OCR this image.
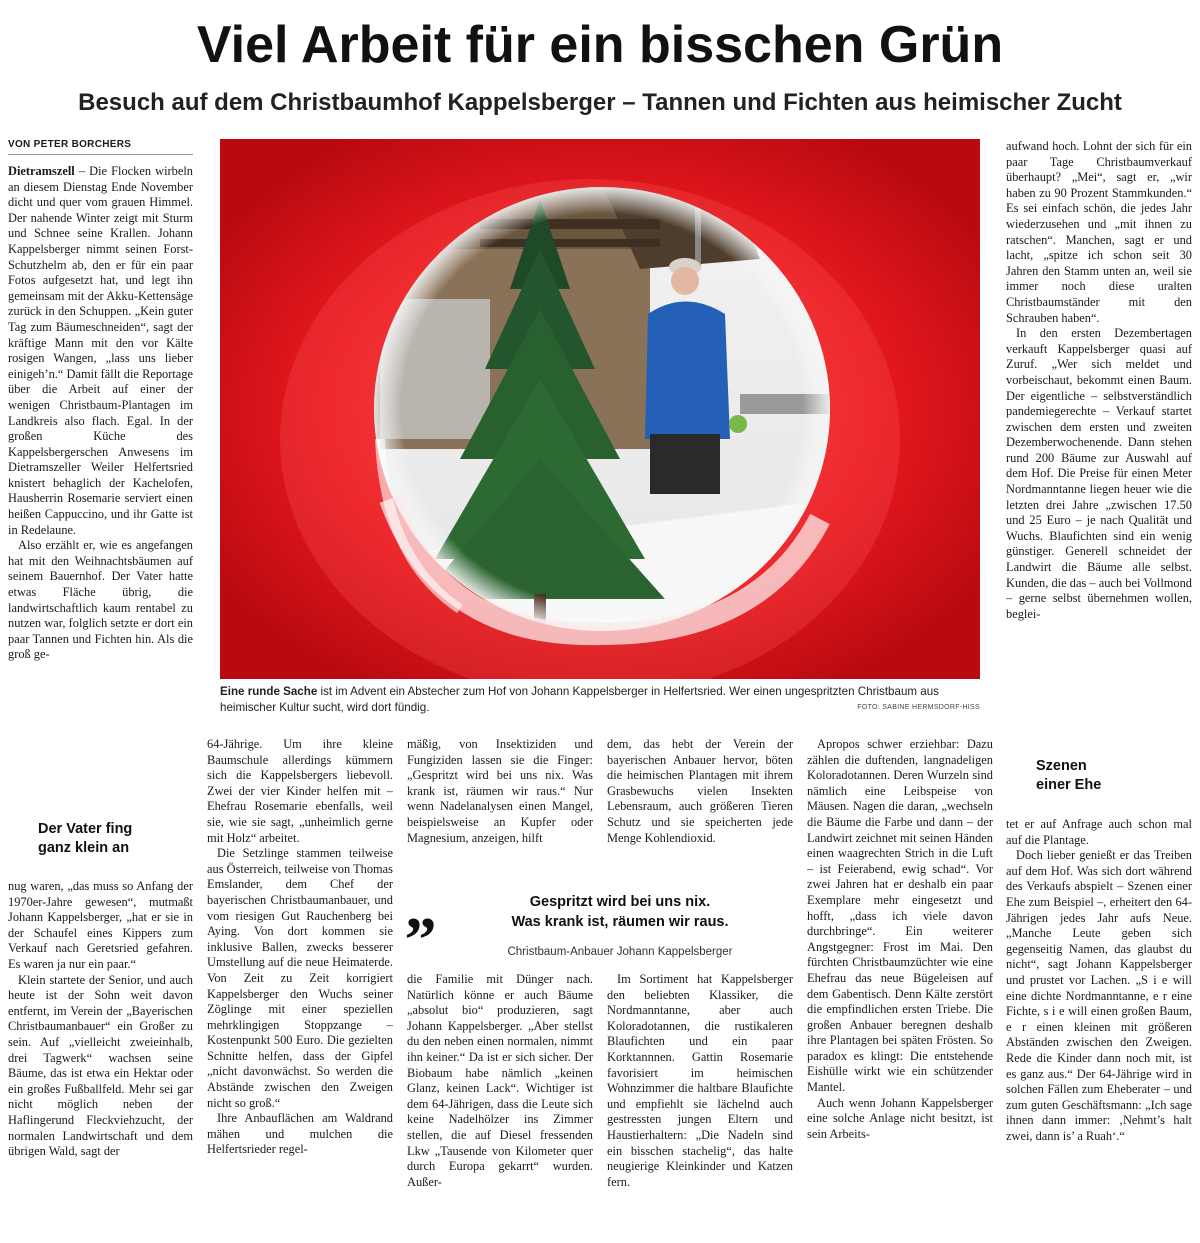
Viel Arbeit für ein bisschen Grün
Besuch auf dem Christbaumhof Kappelsberger – Tannen und Fichten aus heimischer Zucht
VON PETER BORCHERS

Dietramszell – Die Flocken wirbeln an diesem Dienstag Ende November dicht und quer vom grauen Himmel. Der nahende Winter zeigt mit Sturm und Schnee seine Krallen. Johann Kappelsberger nimmt seinen Forst-Schutzhelm ab, den er für ein paar Fotos aufgesetzt hat, und legt ihn gemeinsam mit der Akku-Kettensäge zurück in den Schuppen. „Kein guter Tag zum Bäumeschneiden“, sagt der kräftige Mann mit den vor Kälte rosigen Wangen, „lass uns lieber einigeh’n.“ Damit fällt die Reportage über die Arbeit auf einer der wenigen Christbaum-Plantagen im Landkreis also flach. Egal. In der großen Küche des Kappelsbergerschen Anwesens im Dietramszeller Weiler Helfertsried knistert behaglich der Kachelofen, Hausherrin Rosemarie serviert einen heißen Cappuccino, und ihr Gatte ist in Redelaune.

Also erzählt er, wie es angefangen hat mit den Weihnachtsbäumen auf seinem Bauernhof. Der Vater hatte etwas Fläche übrig, die landwirtschaftlich kaum rentabel zu nutzen war, folglich setzte er dort ein paar Tannen und Fichten hin. Als die groß ge-

Der Vater fing
ganz klein an

nug waren, „das muss so Anfang der 1970er-Jahre gewesen“, mutmaßt Johann Kappelsberger, „hat er sie in der Schaufel eines Kippers zum Verkauf nach Geretsried gefahren. Es waren ja nur ein paar.“

Klein startete der Senior, und auch heute ist der Sohn weit davon entfernt, im Verein der „Bayerischen Christbaumanbauer“ ein Großer zu sein. Auf „vielleicht zweieinhalb, drei Tagwerk“ wachsen seine Bäume, das ist etwa ein Hektar oder ein großes Fußballfeld. Mehr sei gar nicht möglich neben der Haflingerund Fleckviehzucht, der normalen Landwirtschaft und dem übrigen Wald, sagt der

Eine runde Sache ist im Advent ein Abstecher zum Hof von Johann Kappelsberger in Helfertsried. Wer einen ungespritzten Christbaum aus heimischer Kultur sucht, wird dort fündig.	FOTO: SABINE HERMSDORF-HISS

64-Jährige. Um ihre kleine Baumschule allerdings kümmern sich die Kappelsbergers liebevoll. Zwei der vier Kinder helfen mit – Ehefrau Rosemarie ebenfalls, weil sie, wie sie sagt, „unheimlich gerne mit Holz“ arbeitet.

Die Setzlinge stammen teilweise aus Österreich, teilweise von Thomas Emslander, dem Chef der bayerischen Christbaumanbauer, und vom riesigen Gut Rauchenberg bei Aying. Von dort kommen sie inklusive Ballen, zwecks besserer Umstellung auf die neue Heimaterde. Von Zeit zu Zeit korrigiert Kappelsberger den Wuchs seiner Zöglinge mit einer speziellen mehrklingigen Stoppzange – Kostenpunkt 500 Euro. Die gezielten Schnitte helfen, dass der Gipfel „nicht davonwächst. So werden die Abstände zwischen den Zweigen nicht so groß.“

Ihre Anbauflächen am Waldrand mähen und mulchen die Helfertsrieder regel-

mäßig, von Insektiziden und Fungiziden lassen sie die Finger: „Gespritzt wird bei uns nix. Was krank ist, räumen wir raus.“ Nur wenn Nadelanalysen einen Mangel, beispielsweise an Kupfer oder Magnesium, anzeigen, hilft

dem, das hebt der Verein der bayerischen Anbauer hervor, böten die heimischen Plantagen mit ihrem Grasbewuchs vielen Insekten Lebensraum, auch größeren Tieren Schutz und sie speicherten jede Menge Kohlendioxid.

„	Gespritzt wird bei uns nix.
Was krank ist, räumen wir raus.
Christbaum-Anbauer Johann Kappelsberger

die Familie mit Dünger nach. Natürlich könne er auch Bäume „absolut bio“ produzieren, sagt Johann Kappelsberger. „Aber stellst du den neben einen normalen, nimmt ihn keiner.“ Da ist er sich sicher. Der Biobaum habe nämlich „keinen Glanz, keinen Lack“. Wichtiger ist dem 64-Jährigen, dass die Leute sich keine Nadelhölzer ins Zimmer stellen, die auf Diesel fressenden Lkw „Tausende von Kilometer quer durch Europa gekarrt“ wurden. Außer-

Im Sortiment hat Kappelsberger den beliebten Klassiker, die Nordmanntanne, aber auch Koloradotannen, die rustikaleren Blaufichten und ein paar Korktannnen. Gattin Rosemarie favorisiert im heimischen Wohnzimmer die haltbare Blaufichte und empfiehlt sie lächelnd auch gestressten jungen Eltern und Haustierhaltern: „Die Nadeln sind ein bisschen stachelig“, das halte neugierige Kleinkinder und Katzen fern.

Apropos schwer erziehbar: Dazu zählen die duftenden, langnadeligen Koloradotannen. Deren Wurzeln sind nämlich eine Leibspeise von Mäusen. Nagen die daran, „wechseln die Bäume die Farbe und dann – der Landwirt zeichnet mit seinen Händen einen waagrechten Strich in die Luft – ist Feierabend, ewig schad“. Vor zwei Jahren hat er deshalb ein paar Exemplare mehr eingesetzt und hofft, „dass ich viele davon durchbringe“. Ein weiterer Angstgegner: Frost im Mai. Den fürchten Christbaumzüchter wie eine Ehefrau das neue Bügeleisen auf dem Gabentisch. Denn Kälte zerstört die empfindlichen ersten Triebe. Die großen Anbauer beregnen deshalb ihre Plantagen bei späten Frösten. So paradox es klingt: Die entstehende Eishülle wirkt wie ein schützender Mantel.

Auch wenn Johann Kappelsberger eine solche Anlage nicht besitzt, ist sein Arbeits-

aufwand hoch. Lohnt der sich für ein paar Tage Christbaumverkauf überhaupt? „Mei“, sagt er, „wir haben zu 90 Prozent Stammkunden.“ Es sei einfach schön, die jedes Jahr wiederzusehen und „mit ihnen zu ratschen“. Manchen, sagt er und lacht, „spitze ich schon seit 30 Jahren den Stamm unten an, weil sie immer noch diese uralten Christbaumständer mit den Schrauben haben“.

In den ersten Dezembertagen verkauft Kappelsberger quasi auf Zuruf. „Wer sich meldet und vorbeischaut, bekommt einen Baum. Der eigentliche – selbstverständlich pandemiegerechte – Verkauf startet zwischen dem ersten und zweiten Dezemberwochenende. Dann stehen rund 200 Bäume zur Auswahl auf dem Hof. Die Preise für einen Meter Nordmanntanne liegen heuer wie die letzten drei Jahre „zwischen 17.50 und 25 Euro – je nach Qualität und Wuchs. Blaufichten sind ein wenig günstiger. Generell schneidet der Landwirt die Bäume alle selbst. Kunden, die das – auch bei Vollmond – gerne selbst übernehmen wollen, beglei-

Szenen
einer Ehe

tet er auf Anfrage auch schon mal auf die Plantage.

Doch lieber genießt er das Treiben auf dem Hof. Was sich dort während des Verkaufs abspielt – Szenen einer Ehe zum Beispiel –, erheitert den 64-Jährigen jedes Jahr aufs Neue. „Manche Leute geben sich gegenseitig Namen, das glaubst du nicht“, sagt Johann Kappelsberger und prustet vor Lachen. „S i e will eine dichte Nordmanntanne, e r eine Fichte, s i e will einen großen Baum, e r einen kleinen mit größeren Abständen zwischen den Zweigen. Rede die Kinder dann noch mit, ist es ganz aus.“ Der 64-Jährige wird in solchen Fällen zum Eheberater – und zum guten Geschäftsmann: „Ich sage ihnen dann immer: ‚Nehmt’s halt zwei, dann is’ a Ruah‘.“
